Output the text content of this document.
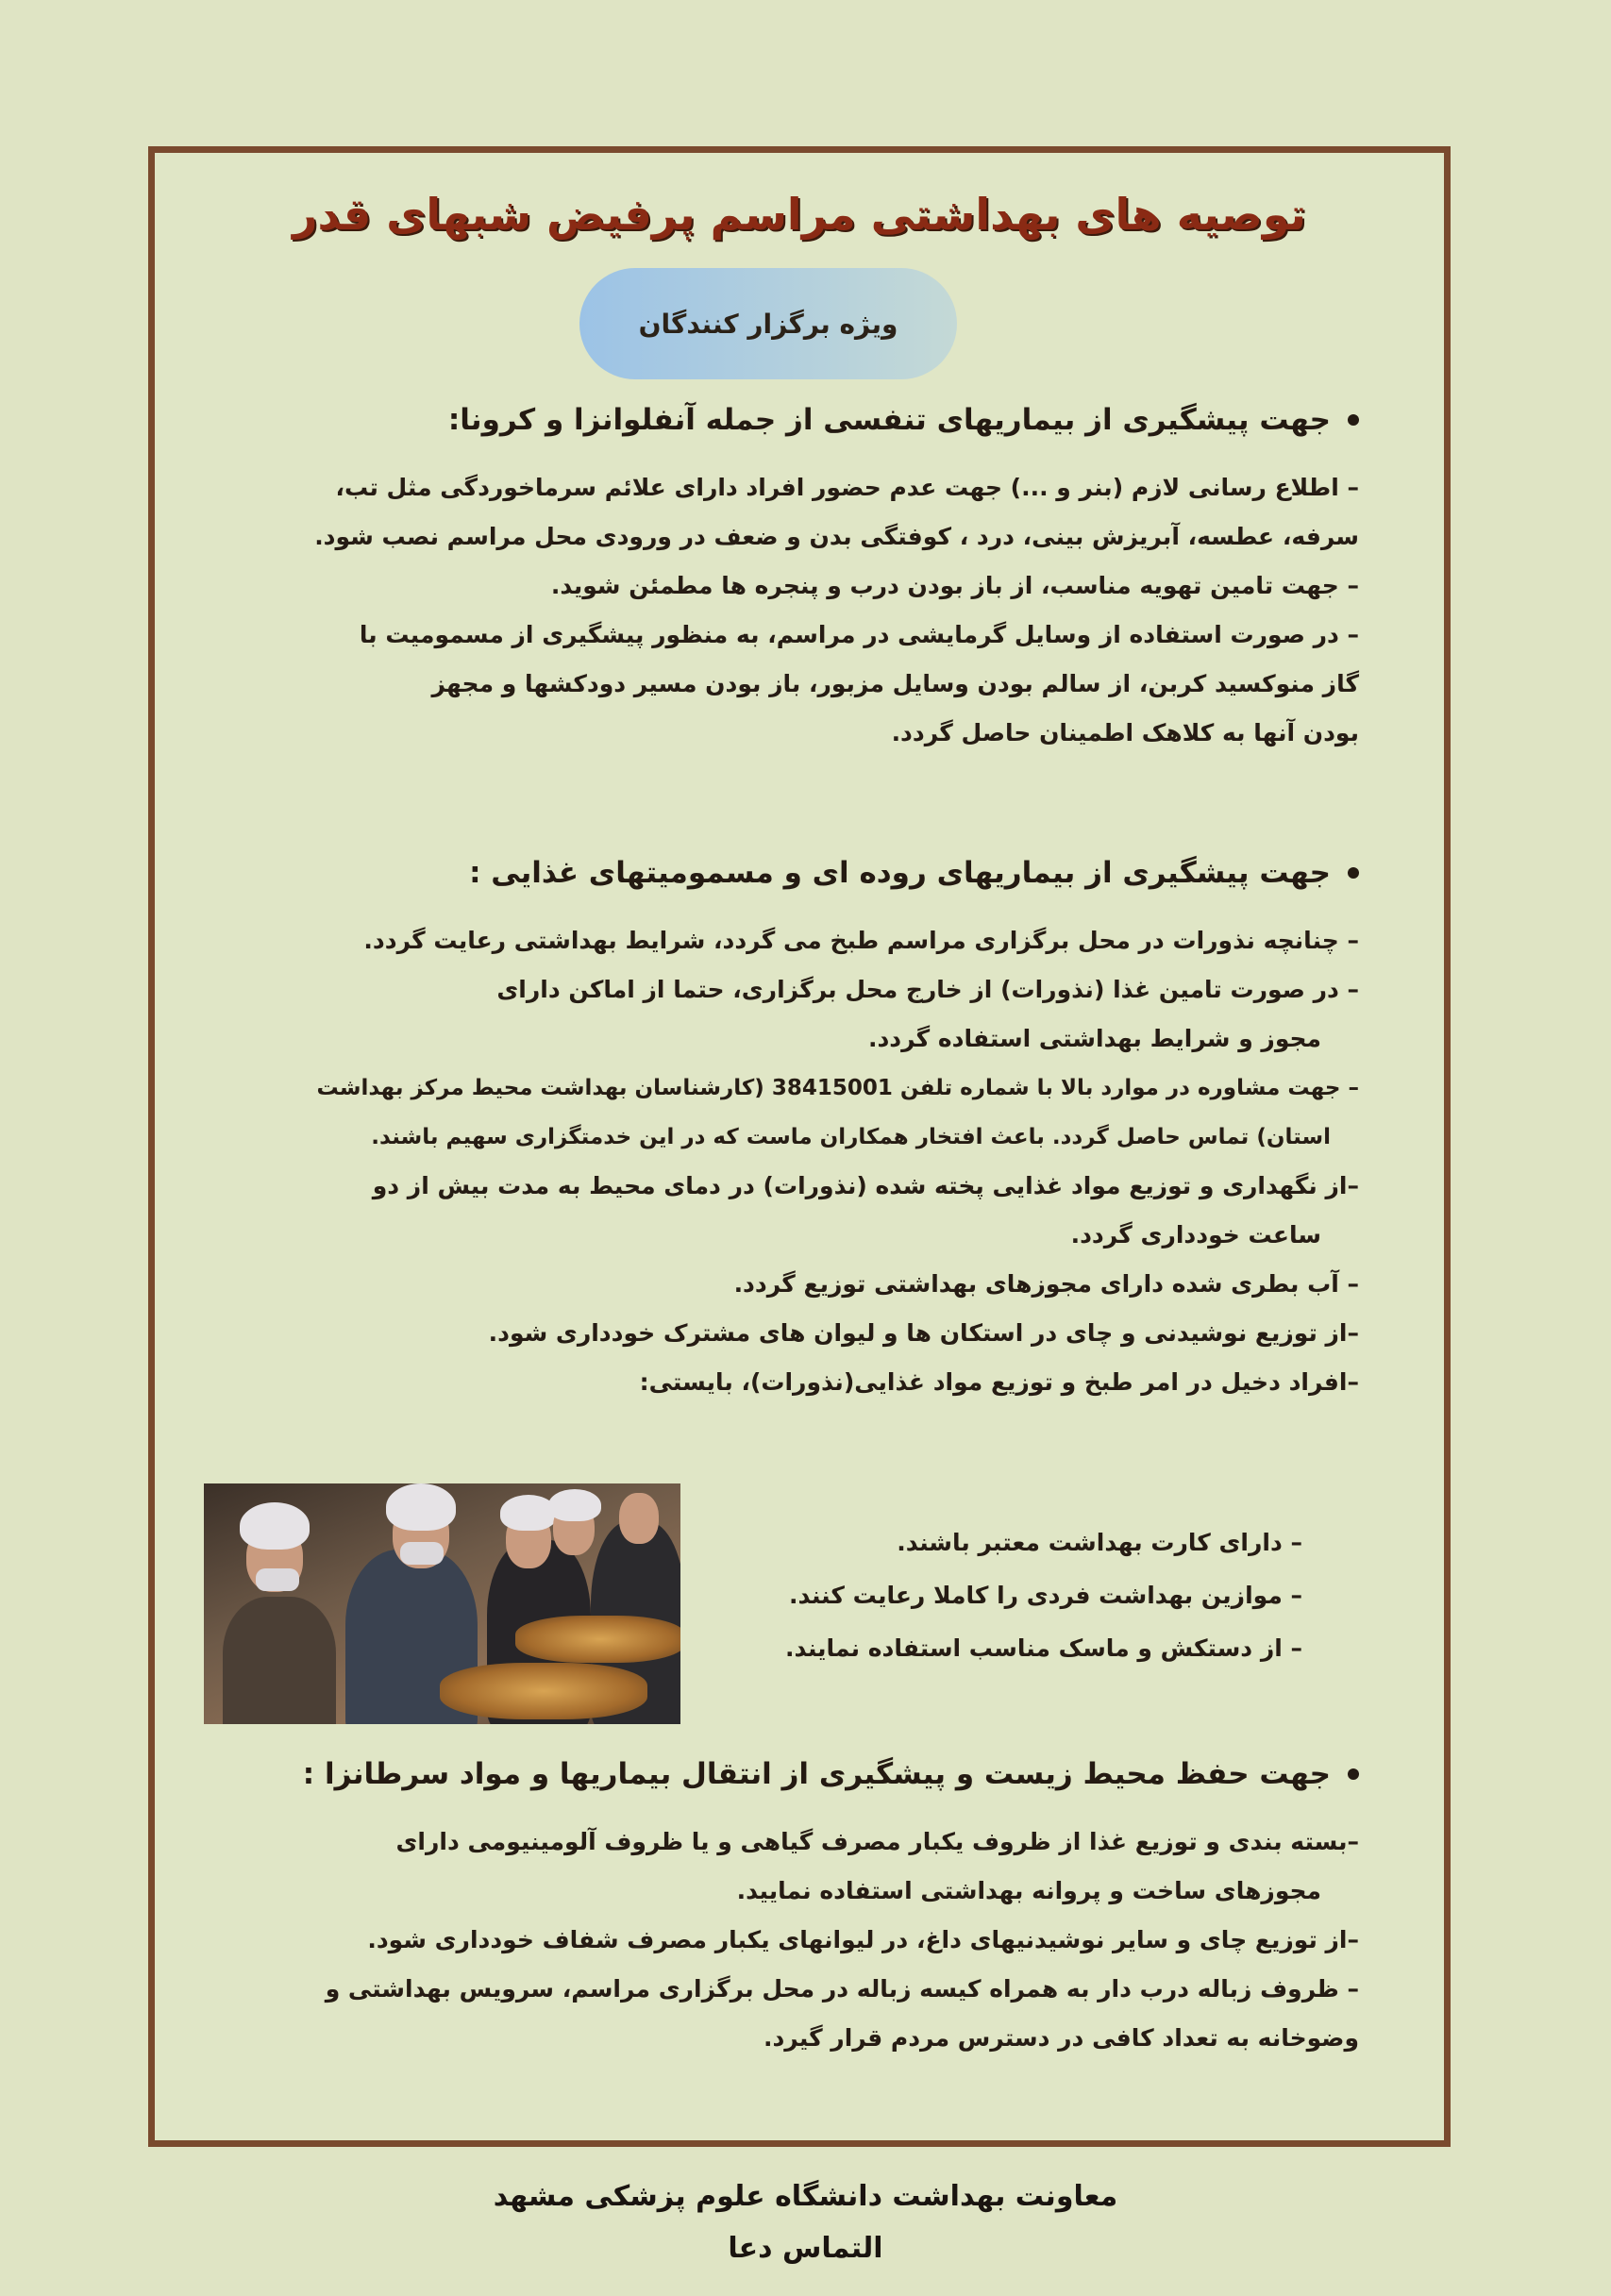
توصیه های بهداشتی مراسم پرفیض شبهای قدر
ویژه برگزار کنندگان
جهت پیشگیری از بیماریهای تنفسی از جمله آنفلوانزا و کرونا:
– اطلاع رسانی لازم (بنر و ...) جهت عدم حضور افراد دارای علائم سرماخوردگی مثل تب،
سرفه، عطسه، آبریزش بینی، درد ، کوفتگی بدن و ضعف در ورودی محل مراسم نصب شود.
– جهت تامین تهویه مناسب، از باز بودن درب و پنجره ها مطمئن شوید.
– در صورت استفاده از وسایل گرمایشی در مراسم، به منظور پیشگیری از مسمومیت با
گاز منوکسید کربن، از سالم بودن وسایل مزبور، باز بودن مسیر دودکشها و مجهز
بودن آنها به کلاهک اطمینان حاصل گردد.
جهت پیشگیری از بیماریهای روده ای و مسمومیتهای غذایی :
– چنانچه نذورات در محل برگزاری مراسم طبخ می گردد، شرایط بهداشتی رعایت گردد.
– در صورت تامین غذا (نذورات) از خارج محل برگزاری، حتما از اماکن دارای
مجوز و شرایط بهداشتی استفاده گردد.
– جهت مشاوره در موارد بالا با شماره تلفن 38415001 (کارشناسان بهداشت محیط مرکز بهداشت
استان) تماس حاصل گردد. باعث افتخار همکاران ماست که در این خدمتگزاری سهیم باشند.
–از نگهداری و توزیع مواد غذایی پخته شده (نذورات) در دمای محیط به مدت بیش از دو
ساعت خودداری گردد.
– آب بطری شده دارای مجوزهای بهداشتی توزیع گردد.
–از توزیع نوشیدنی و چای در استکان ها و لیوان های مشترک خودداری شود.
–افراد دخیل در امر طبخ و توزیع مواد غذایی(نذورات)، بایستی:
– دارای کارت بهداشت معتبر باشند.
– موازین بهداشت فردی را کاملا رعایت کنند.
– از دستکش و ماسک مناسب استفاده نمایند.
جهت حفظ محیط زیست و پیشگیری از انتقال بیماریها و مواد سرطانزا :
–بسته بندی و توزیع غذا از ظروف یکبار مصرف گیاهی و یا ظروف آلومینیومی دارای
مجوزهای ساخت و پروانه بهداشتی استفاده نمایید.
–از توزیع چای و سایر نوشیدنیهای داغ، در لیوانهای یکبار مصرف شفاف خودداری شود.
– ظروف زباله درب دار به همراه کیسه زباله در محل برگزاری مراسم، سرویس بهداشتی و
وضوخانه به تعداد کافی در دسترس مردم قرار گیرد.
معاونت بهداشت دانشگاه علوم پزشکی مشهد
التماس دعا
